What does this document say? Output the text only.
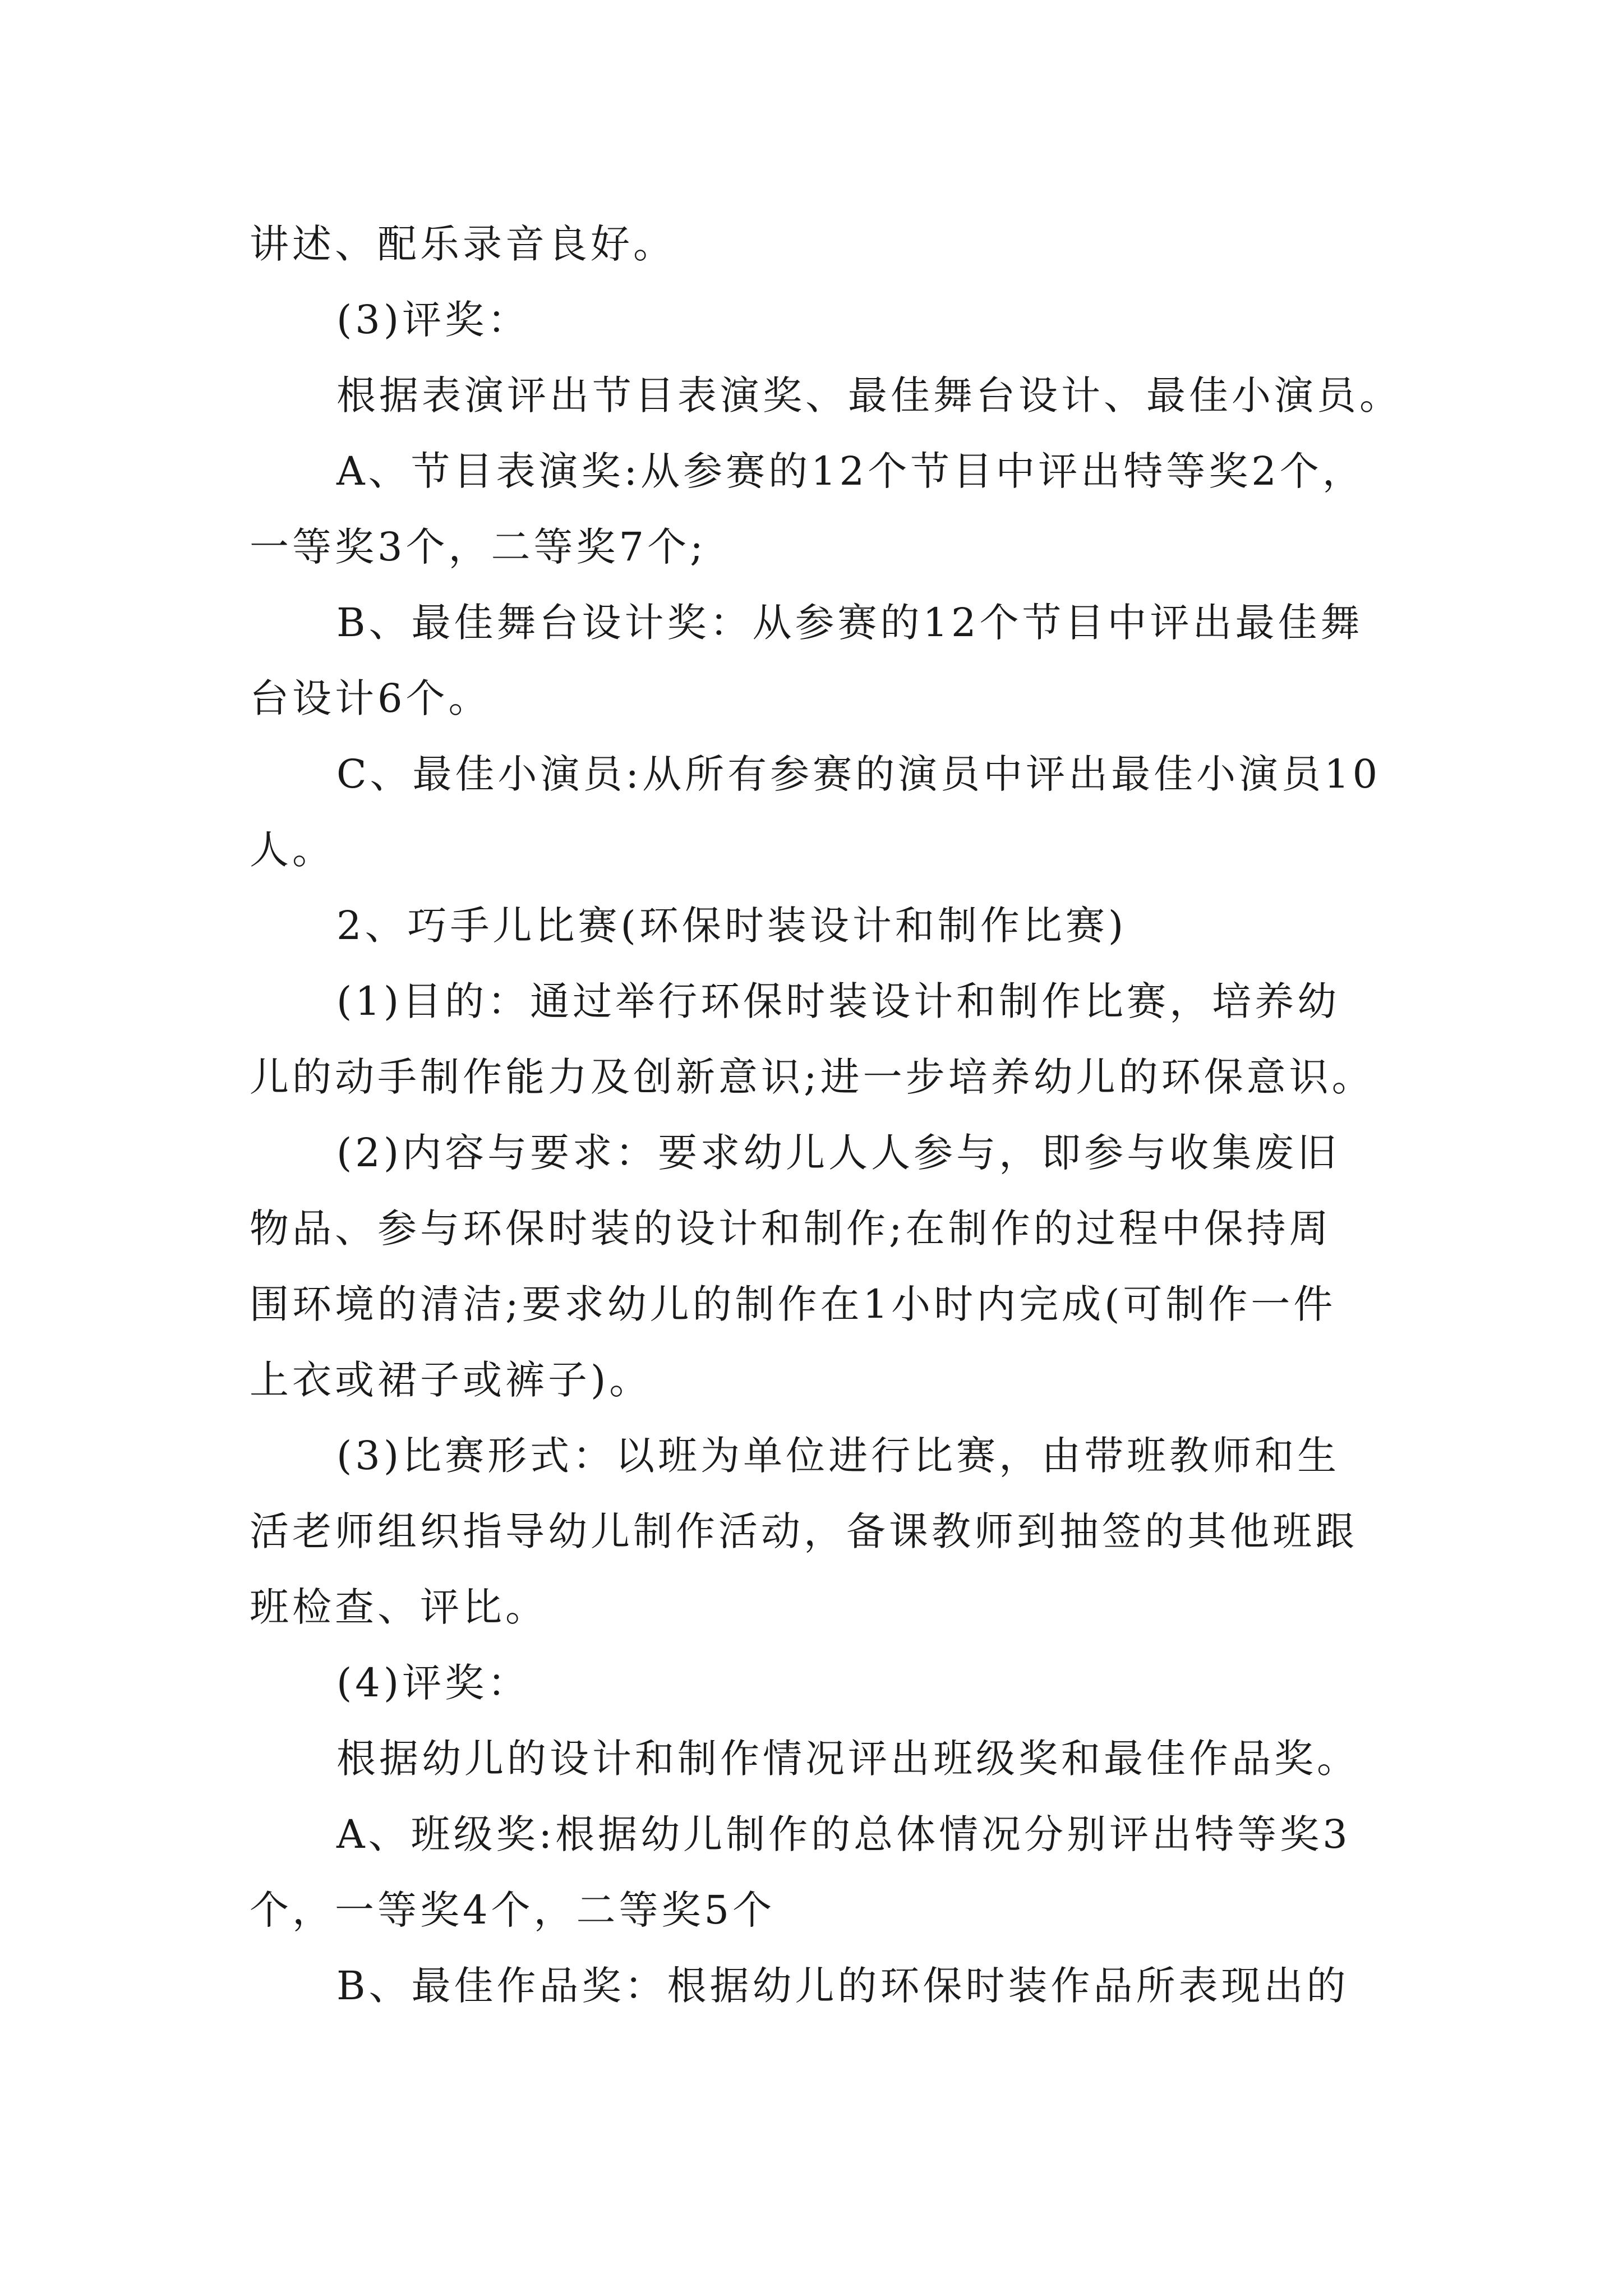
讲述、配乐录音良好。
(3)评奖：
根据表演评出节目表演奖、最佳舞台设计、最佳小演员。
A、节目表演奖:从参赛的12个节目中评出特等奖2个，
一等奖3个，二等奖7个;
B、最佳舞台设计奖：从参赛的12个节目中评出最佳舞
台设计6个。
C、最佳小演员:从所有参赛的演员中评出最佳小演员10
人。
2、巧手儿比赛(环保时装设计和制作比赛)
(1)目的：通过举行环保时装设计和制作比赛，培养幼
儿的动手制作能力及创新意识;进一步培养幼儿的环保意识。
(2)内容与要求：要求幼儿人人参与，即参与收集废旧
物品、参与环保时装的设计和制作;在制作的过程中保持周
围环境的清洁;要求幼儿的制作在1小时内完成(可制作一件
上衣或裙子或裤子)。
(3)比赛形式：以班为单位进行比赛，由带班教师和生
活老师组织指导幼儿制作活动，备课教师到抽签的其他班跟
班检查、评比。
(4)评奖：
根据幼儿的设计和制作情况评出班级奖和最佳作品奖。
A、班级奖:根据幼儿制作的总体情况分别评出特等奖3
个，一等奖4个，二等奖5个
B、最佳作品奖：根据幼儿的环保时装作品所表现出的
